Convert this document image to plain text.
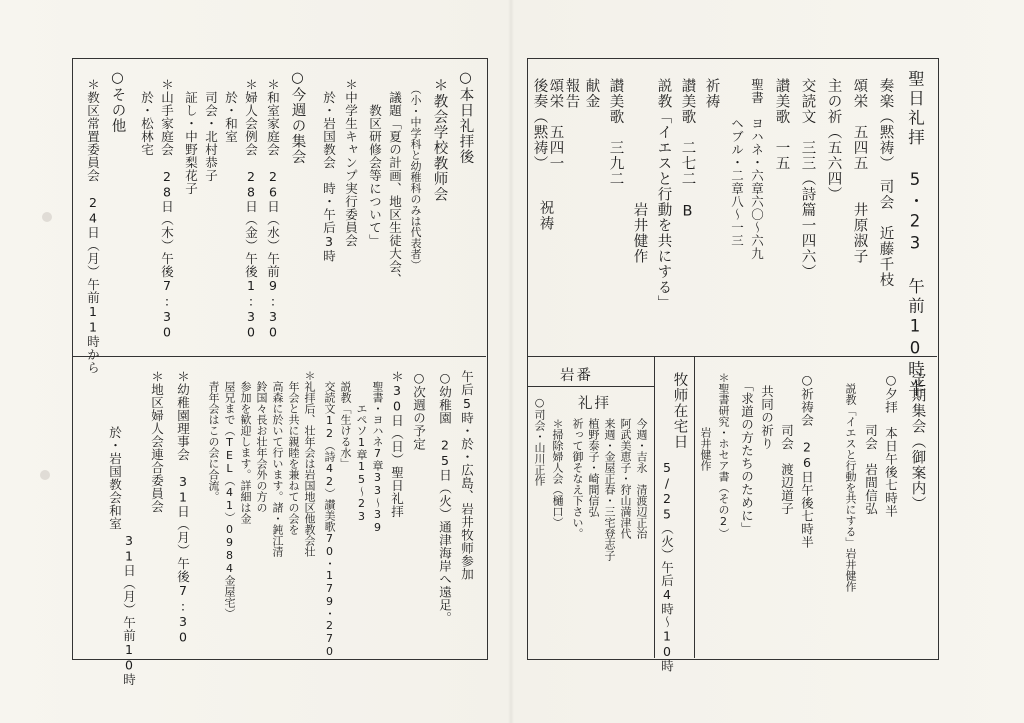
聖日礼拝 5・23 午前10時半
奏楽（黙祷）　司会　近藤千枝
頌栄　五四五　　井原淑子
主の祈（五六四）
交読文　三三（詩篇一四六）
讃美歌　一五
聖書　ヨハネ・六章六〇～六九
　　　ヘブル・二章八～一三
祈祷
讃美歌　二七二 B
説教「イエスと行動を共にする」
　　　　　　　　岩井健作
讃美歌　三九二
献金
報告
頌栄　五四一
祝祷
後奏（黙祷）
定期集会（御案内）
○夕拝　本日午後七時半
　　　　司会　岩間信弘
　説教「イエスと行動を共にする」岩井健作
○祈祷会　26日午後七時半
　　　　司会　渡辺道子
　共同の祈り
　「求道の方たちのために」
＊聖書研究・ホセア書（その2）
　　　　　岩井健作
牧师在宅日
5/25（火）午后4時～10時
岩番
礼拝
今週・吉永　清渡辺正治
阿武美恵子・狩山満津代
来週・金屋正春・三宅登志子
植野泰子・崎間信弘
祈って御そなえ下さい。
＊掃除婦人会（樋口）
○司会・山川正作
○本日礼拝後
＊教会学校教师会
　（小・中学科と幼稚科のみは代表者）
　議題「夏の計画、地区生徒大会、
　　教区研修会等について」
＊中学生キャンプ実行委員会
　於・岩国教会　時・午后3時
○今週の集会
＊和室家庭会　26日（水）午前9:30
＊婦人会例会　28日（金）午後1:30
　於・和室
　司会・北村恭子
　証し・中野梨花子
＊山手家庭会　28日（木）午後7:30
　於・松林宅
○その他
＊教区常置委員会　24日（月）午前11時から
午后5時・於・広島、岩井牧师参加
○幼稚園　25日（火）通津海岸へ遠足。
○次週の予定
＊30日（日）聖日礼拝
　聖書・ヨハネ7章33～39
　　　エペソ1章15～23
　説教「生ける水」
　交読文12（詩42）讃美歌70・179・270
＊礼拝后、壮年会は岩国地区他教会壮
　年会と共に親睦を兼ねての会を
　高森に於いて行います。諸・鈍江清
　鈴国々長お壮年会外の方の
　参加を歓迎します。詳細は金
　屋兄まで（TEL（41）0984金屋宅）
　青年会はこの会に合流。
＊幼稚園理事会　31日（月）午後7:30
＊地区婦人会連合委員会
　　於・岩国教会和室
　31日（月）午前10時
